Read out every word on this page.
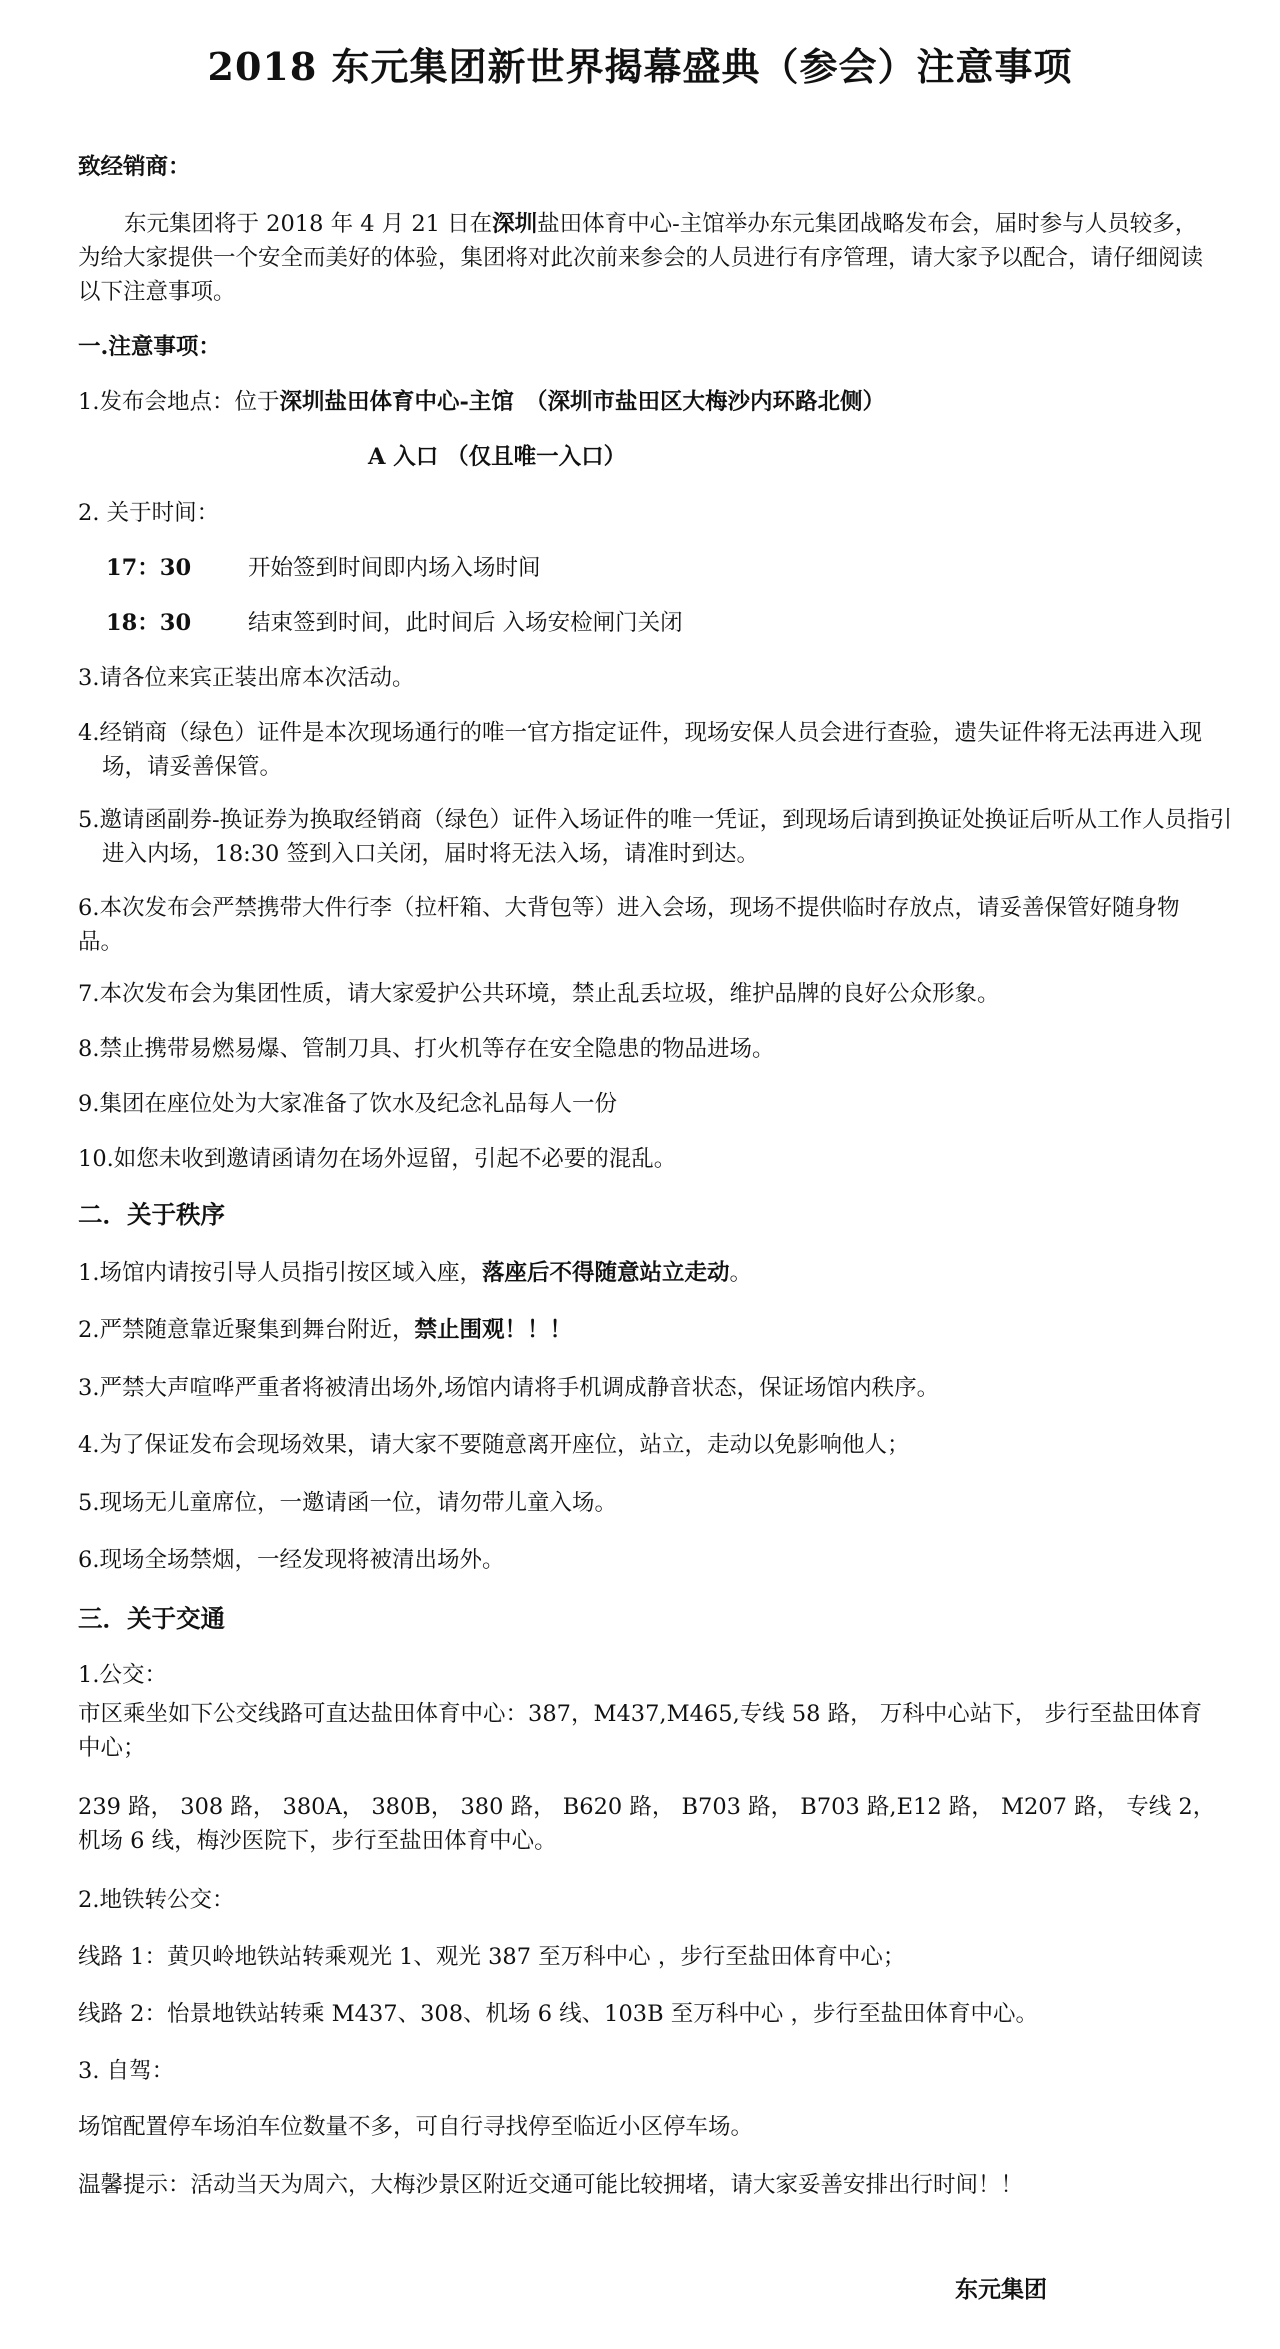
2018 东元集团新世界揭幕盛典（参会）注意事项
致经销商：
东元集团将于 2018 年 4 月 21 日在深圳盐田体育中心-主馆举办东元集团战略发布会，届时参与人员较多，为给大家提供一个安全而美好的体验，集团将对此次前来参会的人员进行有序管理，请大家予以配合，请仔细阅读以下注意事项。
一.注意事项：
1.发布会地点：位于深圳盐田体育中心-主馆　（深圳市盐田区大梅沙内环路北侧）
A 入口 （仅且唯一入口）
2. 关于时间：
17：30	开始签到时间即内场入场时间
18：30	结束签到时间，此时间后 入场安检闸门关闭
3.请各位来宾正装出席本次活动。
4.经销商（绿色）证件是本次现场通行的唯一官方指定证件，现场安保人员会进行查验，遗失证件将无法再进入现场，请妥善保管。
5.邀请函副券-换证券为换取经销商（绿色）证件入场证件的唯一凭证，到现场后请到换证处换证后听从工作人员指引进入内场，18:30 签到入口关闭，届时将无法入场，请准时到达。
6.本次发布会严禁携带大件行李（拉杆箱、大背包等）进入会场，现场不提供临时存放点，请妥善保管好随身物品。
7.本次发布会为集团性质，请大家爱护公共环境，禁止乱丢垃圾，维护品牌的良好公众形象。
8.禁止携带易燃易爆、管制刀具、打火机等存在安全隐患的物品进场。
9.集团在座位处为大家准备了饮水及纪念礼品每人一份
10.如您未收到邀请函请勿在场外逗留，引起不必要的混乱。
二．关于秩序
1.场馆内请按引导人员指引按区域入座，落座后不得随意站立走动。
2.严禁随意靠近聚集到舞台附近，禁止围观！！！
3.严禁大声喧哗严重者将被清出场外,场馆内请将手机调成静音状态，保证场馆内秩序。
4.为了保证发布会现场效果，请大家不要随意离开座位，站立，走动以免影响他人；
5.现场无儿童席位，一邀请函一位，请勿带儿童入场。
6.现场全场禁烟，一经发现将被清出场外。
三．关于交通
1.公交：
市区乘坐如下公交线路可直达盐田体育中心：387，M437,M465,专线 58 路， 万科中心站下， 步行至盐田体育中心；
239 路， 308 路， 380A， 380B， 380 路， B620 路， B703 路， B703 路,E12 路， M207 路， 专线 2， 机场 6 线，梅沙医院下，步行至盐田体育中心。
2.地铁转公交：
线路 1：黄贝岭地铁站转乘观光 1、观光 387 至万科中心 ，步行至盐田体育中心；
线路 2：怡景地铁站转乘 M437、308、机场 6 线、103B 至万科中心 ，步行至盐田体育中心。
3. 自驾：
场馆配置停车场泊车位数量不多，可自行寻找停至临近小区停车场。
温馨提示：活动当天为周六，大梅沙景区附近交通可能比较拥堵，请大家妥善安排出行时间！！
东元集团
